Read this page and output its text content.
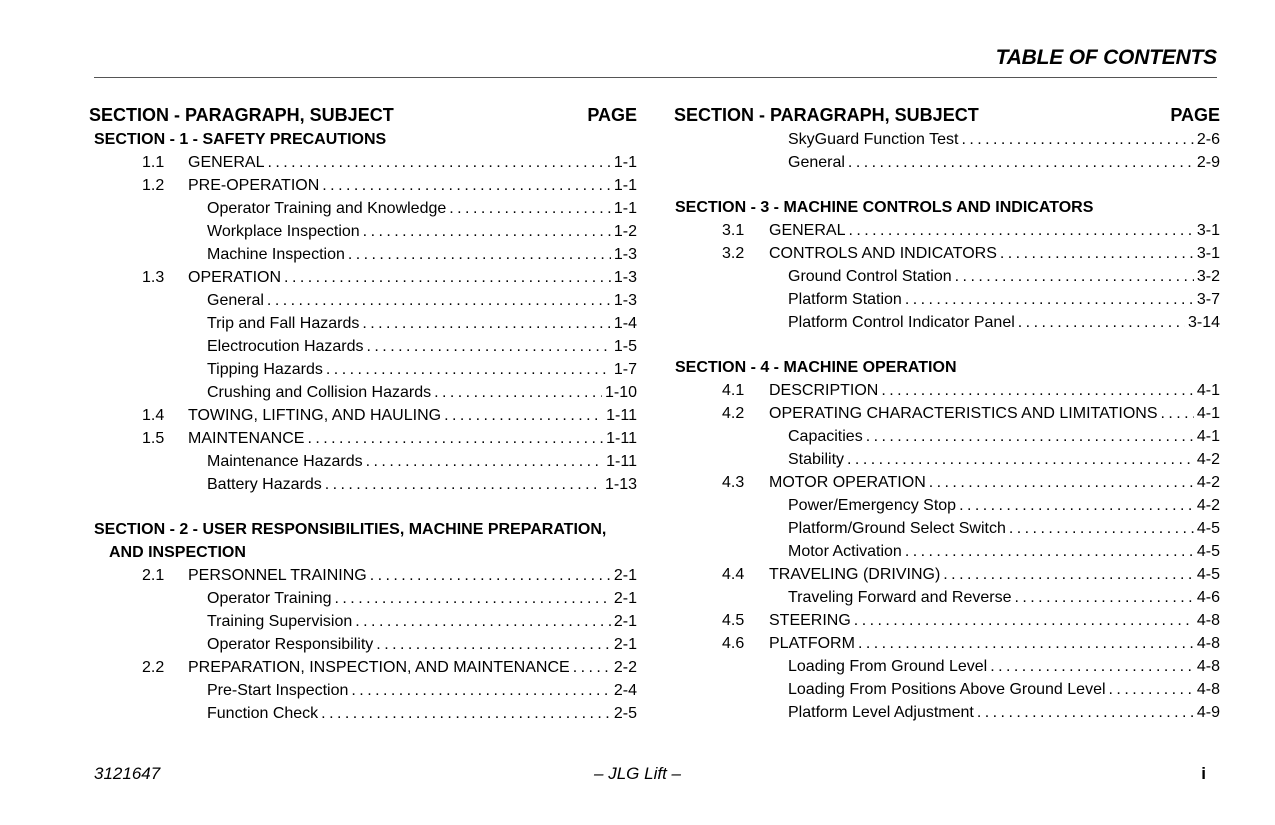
TABLE OF CONTENTS
SECTION - PARAGRAPH, SUBJECT	PAGE
SECTION - 1 - SAFETY PRECAUTIONS
1.1	GENERAL . . .	1-1
1.2	PRE-OPERATION . . .	1-1
Operator Training and Knowledge . . .	1-1
Workplace Inspection . . .	1-2
Machine Inspection . . .	1-3
1.3	OPERATION . . .	1-3
General . . .	1-3
Trip and Fall Hazards . . .	1-4
Electrocution Hazards . . .	1-5
Tipping Hazards . . .	1-7
Crushing and Collision Hazards . . .	1-10
1.4	TOWING, LIFTING, AND HAULING . . .	1-11
1.5	MAINTENANCE . . .	1-11
Maintenance Hazards . . .	1-11
Battery Hazards . . .	1-13
SECTION - 2 - USER RESPONSIBILITIES, MACHINE PREPARATION,
AND INSPECTION
2.1	PERSONNEL TRAINING . . .	2-1
Operator Training . . .	2-1
Training Supervision . . .	2-1
Operator Responsibility . . .	2-1
2.2	PREPARATION, INSPECTION, AND MAINTENANCE . . .	2-2
Pre-Start Inspection . . .	2-4
Function Check . . .	2-5
SECTION - PARAGRAPH, SUBJECT	PAGE
SkyGuard Function Test . . .	2-6
General . . .	2-9
SECTION - 3 - MACHINE CONTROLS AND INDICATORS
3.1	GENERAL . . .	3-1
3.2	CONTROLS AND INDICATORS . . .	3-1
Ground Control Station . . .	3-2
Platform Station . . .	3-7
Platform Control Indicator Panel . . .	3-14
SECTION - 4 - MACHINE OPERATION
4.1	DESCRIPTION . . .	4-1
4.2	OPERATING CHARACTERISTICS AND LIMITATIONS . . . 4-1
Capacities . . .	4-1
Stability . . .	4-2
4.3	MOTOR OPERATION . . .	4-2
Power/Emergency Stop . . .	4-2
Platform/Ground Select Switch . . .	4-5
Motor Activation . . .	4-5
4.4	TRAVELING (DRIVING) . . .	4-5
Traveling Forward and Reverse . . .	4-6
4.5	STEERING . . .	4-8
4.6	PLATFORM . . .	4-8
Loading From Ground Level . . .	4-8
Loading From Positions Above Ground Level . . .	4-8
Platform Level Adjustment . . .	4-9
3121647	– JLG Lift –	i
